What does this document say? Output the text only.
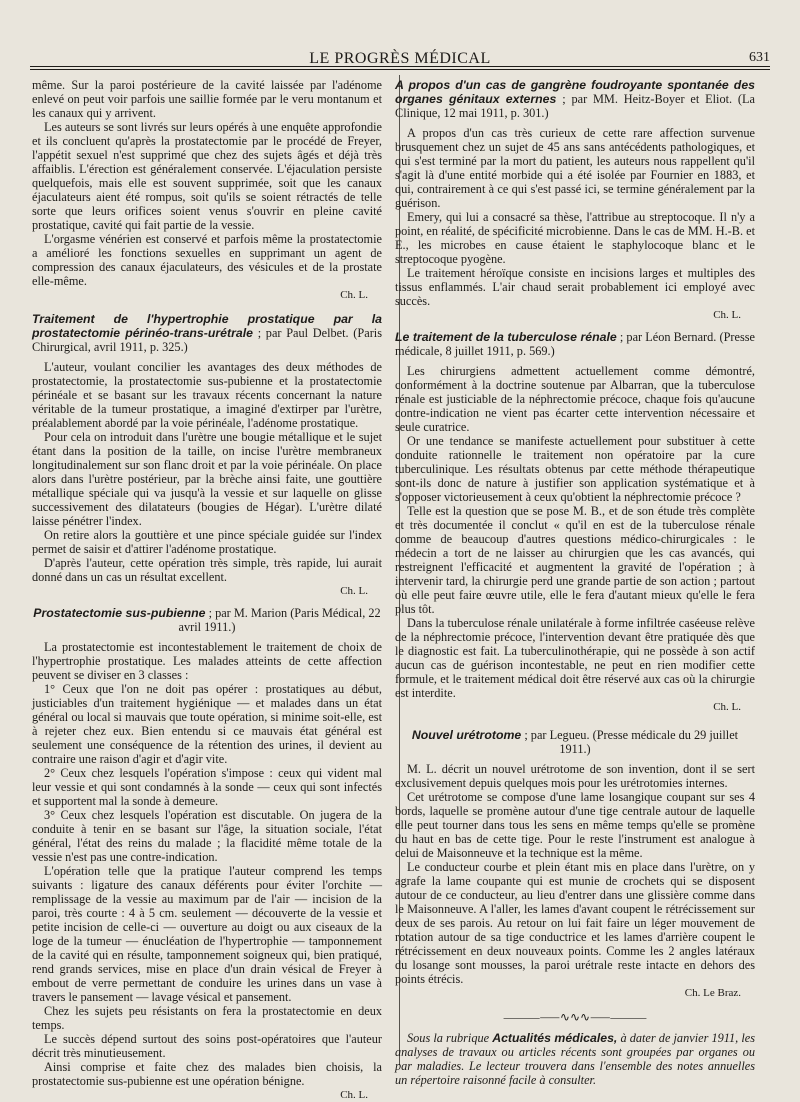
LE PROGRÈS MÉDICAL	631

même. Sur la paroi postérieure de la cavité laissée par l'adénome enlevé on peut voir parfois une saillie formée par le veru montanum et les canaux qui y arrivent.

Les auteurs se sont livrés sur leurs opérés à une enquête approfondie et ils concluent qu'après la prostatectomie par le procédé de Freyer, l'appétit sexuel n'est supprimé que chez des sujets âgés et déjà très affaiblis. L'érection est généralement conservée. L'éjaculation persiste quelquefois, mais elle est souvent supprimée, soit que les canaux éjaculateurs aient été rompus, soit qu'ils se soient rétractés de telle sorte que leurs orifices soient venus s'ouvrir en pleine cavité prostatique, cavité qui fait partie de la vessie.

L'orgasme vénérien est conservé et parfois même la prostatectomie a amélioré les fonctions sexuelles en supprimant un agent de compression des canaux éjaculateurs, des vésicules et de la prostate elle-même.

Ch. L.
Traitement de l'hypertrophie prostatique par la prostatectomie périnéo-trans-urétrale ; par Paul Delbet. (Paris Chirurgical, avril 1911, p. 325.)

L'auteur, voulant concilier les avantages des deux méthodes de prostatectomie, la prostatectomie sus-pubienne et la prostatectomie périnéale et se basant sur les travaux récents concernant la nature véritable de la tumeur prostatique, a imaginé d'extirper par l'urètre, préalablement abordé par la voie périnéale, l'adénome prostatique.

Pour cela on introduit dans l'urètre une bougie métallique et le sujet étant dans la position de la taille, on incise l'urètre membraneux longitudinalement sur son flanc droit et par la voie périnéale. On place alors dans l'urètre postérieur, par la brèche ainsi faite, une gouttière métallique spéciale qui va jusqu'à la vessie et sur laquelle on glisse successivement des dilatateurs (bougies de Hégar). L'urètre dilaté laisse pénétrer l'index.

On retire alors la gouttière et une pince spéciale guidée sur l'index permet de saisir et d'attirer l'adénome prostatique.

D'après l'auteur, cette opération très simple, très rapide, lui aurait donné dans un cas un résultat excellent.

Ch. L.
Prostatectomie sus-pubienne ; par M. Marion (Paris Médical, 22 avril 1911.)

La prostatectomie est incontestablement le traitement de choix de l'hypertrophie prostatique. Les malades atteints de cette affection peuvent se diviser en 3 classes :

1° Ceux que l'on ne doit pas opérer : prostatiques au début, justiciables d'un traitement hygiénique — et malades dans un état général ou local si mauvais que toute opération, si minime soit-elle, est à rejeter chez eux. Bien entendu si ce mauvais état général est seulement une conséquence de la rétention des urines, il devient au contraire une raison d'agir et d'agir vite.

2° Ceux chez lesquels l'opération s'impose : ceux qui vident mal leur vessie et qui sont condamnés à la sonde — ceux qui sont infectés et supportent mal la sonde à demeure.

3° Ceux chez lesquels l'opération est discutable. On jugera de la conduite à tenir en se basant sur l'âge, la situation sociale, l'état général, l'état des reins du malade ; la flacidité même totale de la vessie n'est pas une contre-indication.

L'opération telle que la pratique l'auteur comprend les temps suivants : ligature des canaux déférents pour éviter l'orchite — remplissage de la vessie au maximum par de l'air — incision de la paroi, très courte : 4 à 5 cm. seulement — découverte de la vessie et petite incision de celle-ci — ouverture au doigt ou aux ciseaux de la loge de la tumeur — énucléation de l'hypertrophie — tamponnement de la cavité qui en résulte, tamponnement soigneux qui, bien pratiqué, rend grands services, mise en place d'un drain vésical de Freyer à embout de verre permettant de conduire les urines dans un vase à travers le pansement — lavage vésical et pansement.

Chez les sujets peu résistants on fera la prostatectomie en deux temps.

Le succès dépend surtout des soins post-opératoires que l'auteur décrit très minutieusement.

Ainsi comprise et faite chez des malades bien choisis, la prostatectomie sus-pubienne est une opération bénigne.

Ch. L.
A propos d'un cas de gangrène foudroyante spontanée des organes génitaux externes ; par MM. Heitz-Boyer et Eliot. (La Clinique, 12 mai 1911, p. 301.)

A propos d'un cas très curieux de cette rare affection survenue brusquement chez un sujet de 45 ans sans antécédents pathologiques, et qui s'est terminé par la mort du patient, les auteurs nous rappellent qu'il s'agit là d'une entité morbide qui a été isolée par Fournier en 1883, et qui, contrairement à ce qui s'est passé ici, se termine généralement par la guérison.

Emery, qui lui a consacré sa thèse, l'attribue au streptocoque. Il n'y a point, en réalité, de spécificité microbienne. Dans le cas de MM. H.-B. et E., les microbes en cause étaient le staphylocoque blanc et le streptocoque pyogène.

Le traitement héroïque consiste en incisions larges et multiples des tissus enflammés. L'air chaud serait probablement ici employé avec succès.

Ch. L.
Le traitement de la tuberculose rénale ; par Léon Bernard. (Presse médicale, 8 juillet 1911, p. 569.)

Les chirurgiens admettent actuellement comme démontré, conformément à la doctrine soutenue par Albarran, que la tuberculose rénale est justiciable de la néphrectomie précoce, chaque fois qu'aucune contre-indication ne vient pas écarter cette intervention nécessaire et seule curatrice.

Or une tendance se manifeste actuellement pour substituer à cette conduite rationnelle le traitement non opératoire par la cure tuberculinique. Les résultats obtenus par cette méthode thérapeutique sont-ils donc de nature à justifier son application systématique et à s'opposer victorieusement à ceux qu'obtient la néphrectomie précoce ?

Telle est la question que se pose M. B., et de son étude très complète et très documentée il conclut « qu'il en est de la tuberculose rénale comme de beaucoup d'autres questions médico-chirurgicales : le médecin a tort de ne laisser au chirurgien que les cas avancés, qui restreignent l'efficacité et augmentent la gravité de l'opération ; à intervenir tard, la chirurgie perd une grande partie de son action ; partout où elle peut faire œuvre utile, elle le fera d'autant mieux qu'elle le fera plus tôt.

Dans la tuberculose rénale unilatérale à forme infiltrée caséeuse relève de la néphrectomie précoce, l'intervention devant être pratiquée dès que le diagnostic est fait. La tuberculinothérapie, qui ne possède à son actif aucun cas de guérison incontestable, ne peut en rien modifier cette formule, et le traitement médical doit être réservé aux cas où la chirurgie est interdite.

Ch. L.
Nouvel urétrotome ; par Legueu. (Presse médicale du 29 juillet 1911.)

M. L. décrit un nouvel urétrotome de son invention, dont il se sert exclusivement depuis quelques mois pour les urétrotomies internes.

Cet urétrotome se compose d'une lame losangique coupant sur ses 4 bords, laquelle se promène autour d'une tige centrale autour de laquelle elle peut tourner dans tous les sens en même temps qu'elle se promène du haut en bas de cette tige. Pour le reste l'instrument est analogue à celui de Maisonneuve et la technique est la même.

Le conducteur courbe et plein étant mis en place dans l'urètre, on y agrafe la lame coupante qui est munie de crochets qui se disposent autour de ce conducteur, au lieu d'entrer dans une glissière comme dans le Maisonneuve. A l'aller, les lames d'avant coupent le rétrécissement sur deux de ses parois. Au retour on lui fait faire un léger mouvement de rotation autour de sa tige conductrice et les lames d'arrière coupent le rétrécissement en deux nouveaux points. Comme les 2 angles latéraux du losange sont mousses, la paroi urétrale reste intacte en dehors des points étrécis.

Ch. Le Braz.
———⸺∿∿∿⸺———

Sous la rubrique Actualités médicales, à dater de janvier 1911, les analyses de travaux ou articles récents sont groupées par organes ou par maladies. Le lecteur trouvera dans l'ensemble des notes annuelles un répertoire raisonné facile à consulter.
